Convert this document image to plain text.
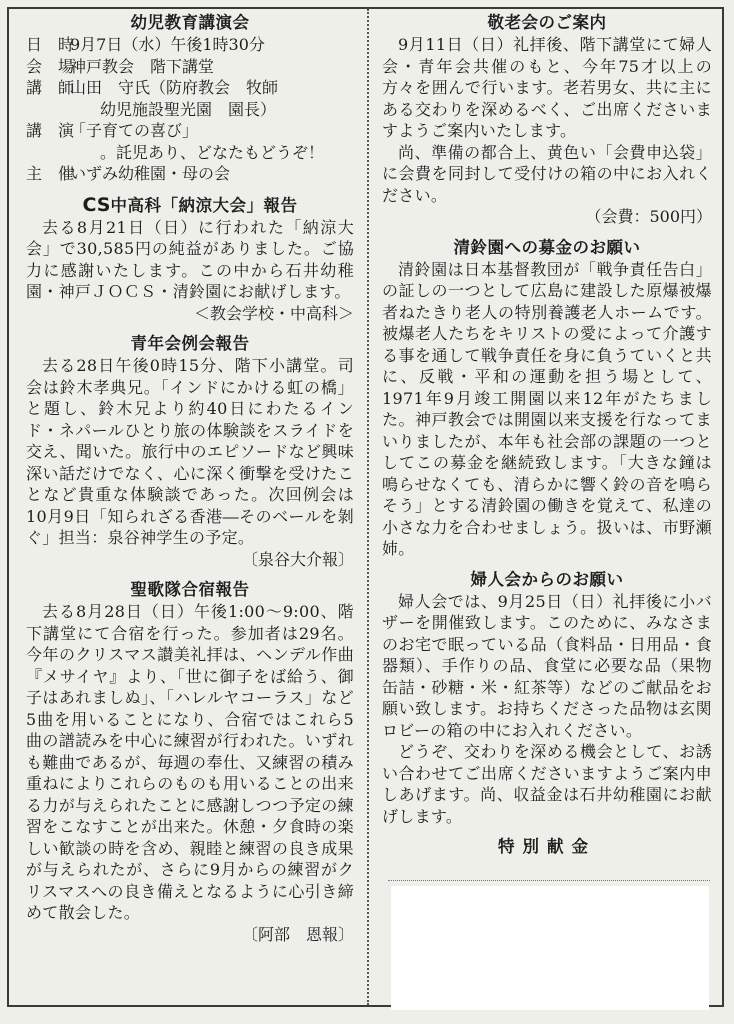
幼児教育講演会
日　時
9月7日（水）午後1時30分
会　場
神戸教会　階下講堂
講　師
山田　守氏（防府教会　牧師
幼児施設聖光園　園長）
講　演
「子育ての喜び」
。託児あり、どなたもどうぞ！
主　催
いずみ幼稚園・母の会
CS中高科「納涼大会」報告

去る8月21日（日）に行われた「納涼大会」で30,585円の純益がありました。ご協力に感謝いたします。この中から石井幼稚園・神戸ＪＯＣＳ・清鈴園にお献げします。

＜教会学校・中高科＞
青年会例会報告

去る28日午後0時15分、階下小講堂。司会は鈴木孝典兄。「インドにかける虹の橋」と題し、鈴木兄より約40日にわたるインド・ネパールひとり旅の体験談をスライドを交え、聞いた。旅行中のエピソードなど興味深い話だけでなく、心に深く衝撃を受けたことなど貴重な体験談であった。次回例会は10月9日「知られざる香港―そのベールを剝ぐ」担当：泉谷神学生の予定。

〔泉谷大介報〕
聖歌隊合宿報告

去る8月28日（日）午後1:00～9:00、階下講堂にて合宿を行った。参加者は29名。今年のクリスマス讃美礼拝は、ヘンデル作曲『メサイヤ』より、「世に御子をば給う、御子はあれましぬ」、「ハレルヤコーラス」など5曲を用いることになり、合宿ではこれら5曲の譜読みを中心に練習が行われた。いずれも難曲であるが、毎週の奉仕、又練習の積み重ねによりこれらのものも用いることの出来る力が与えられたことに感謝しつつ予定の練習をこなすことが出来た。休憩・夕食時の楽しい歓談の時を含め、親睦と練習の良き成果が与えられたが、さらに9月からの練習がクリスマスへの良き備えとなるように心引き締めて散会した。

〔阿部　恩報〕
敬老会のご案内

9月11日（日）礼拝後、階下講堂にて婦人会・青年会共催のもと、今年75才以上の方々を囲んで行います。老若男女、共に主にある交わりを深めるべく、ご出席くださいますようご案内いたします。

尚、準備の都合上、黄色い「会費申込袋」に会費を同封して受付けの箱の中にお入れください。

（会費：500円）
清鈴園への募金のお願い

清鈴園は日本基督教団が「戦争責任告白」の証しの一つとして広島に建設した原爆被爆者ねたきり老人の特別養護老人ホームです。被爆老人たちをキリストの愛によって介護する事を通して戦争責任を身に負うていくと共に、反戦・平和の運動を担う場として、1971年9月竣工開園以来12年がたちました。神戸教会では開園以来支援を行なってまいりましたが、本年も社会部の課題の一つとしてこの募金を継続致します。「大きな鐘は鳴らせなくても、清らかに響く鈴の音を鳴らそう」とする清鈴園の働きを覚えて、私達の小さな力を合わせましょう。扱いは、市野瀬姉。

婦人会からのお願い

婦人会では、9月25日（日）礼拝後に小バザーを開催致します。このために、みなさまのお宅で眠っている品（食料品・日用品・食器類）、手作りの品、食堂に必要な品（果物缶詰・砂糖・米・紅茶等）などのご献品をお願い致します。お持ちくださった品物は玄関ロビーの箱の中にお入れください。

どうぞ、交わりを深める機会として、お誘い合わせてご出席くださいますようご案内申しあげます。尚、収益金は石井幼稚園にお献げします。

特別献金
